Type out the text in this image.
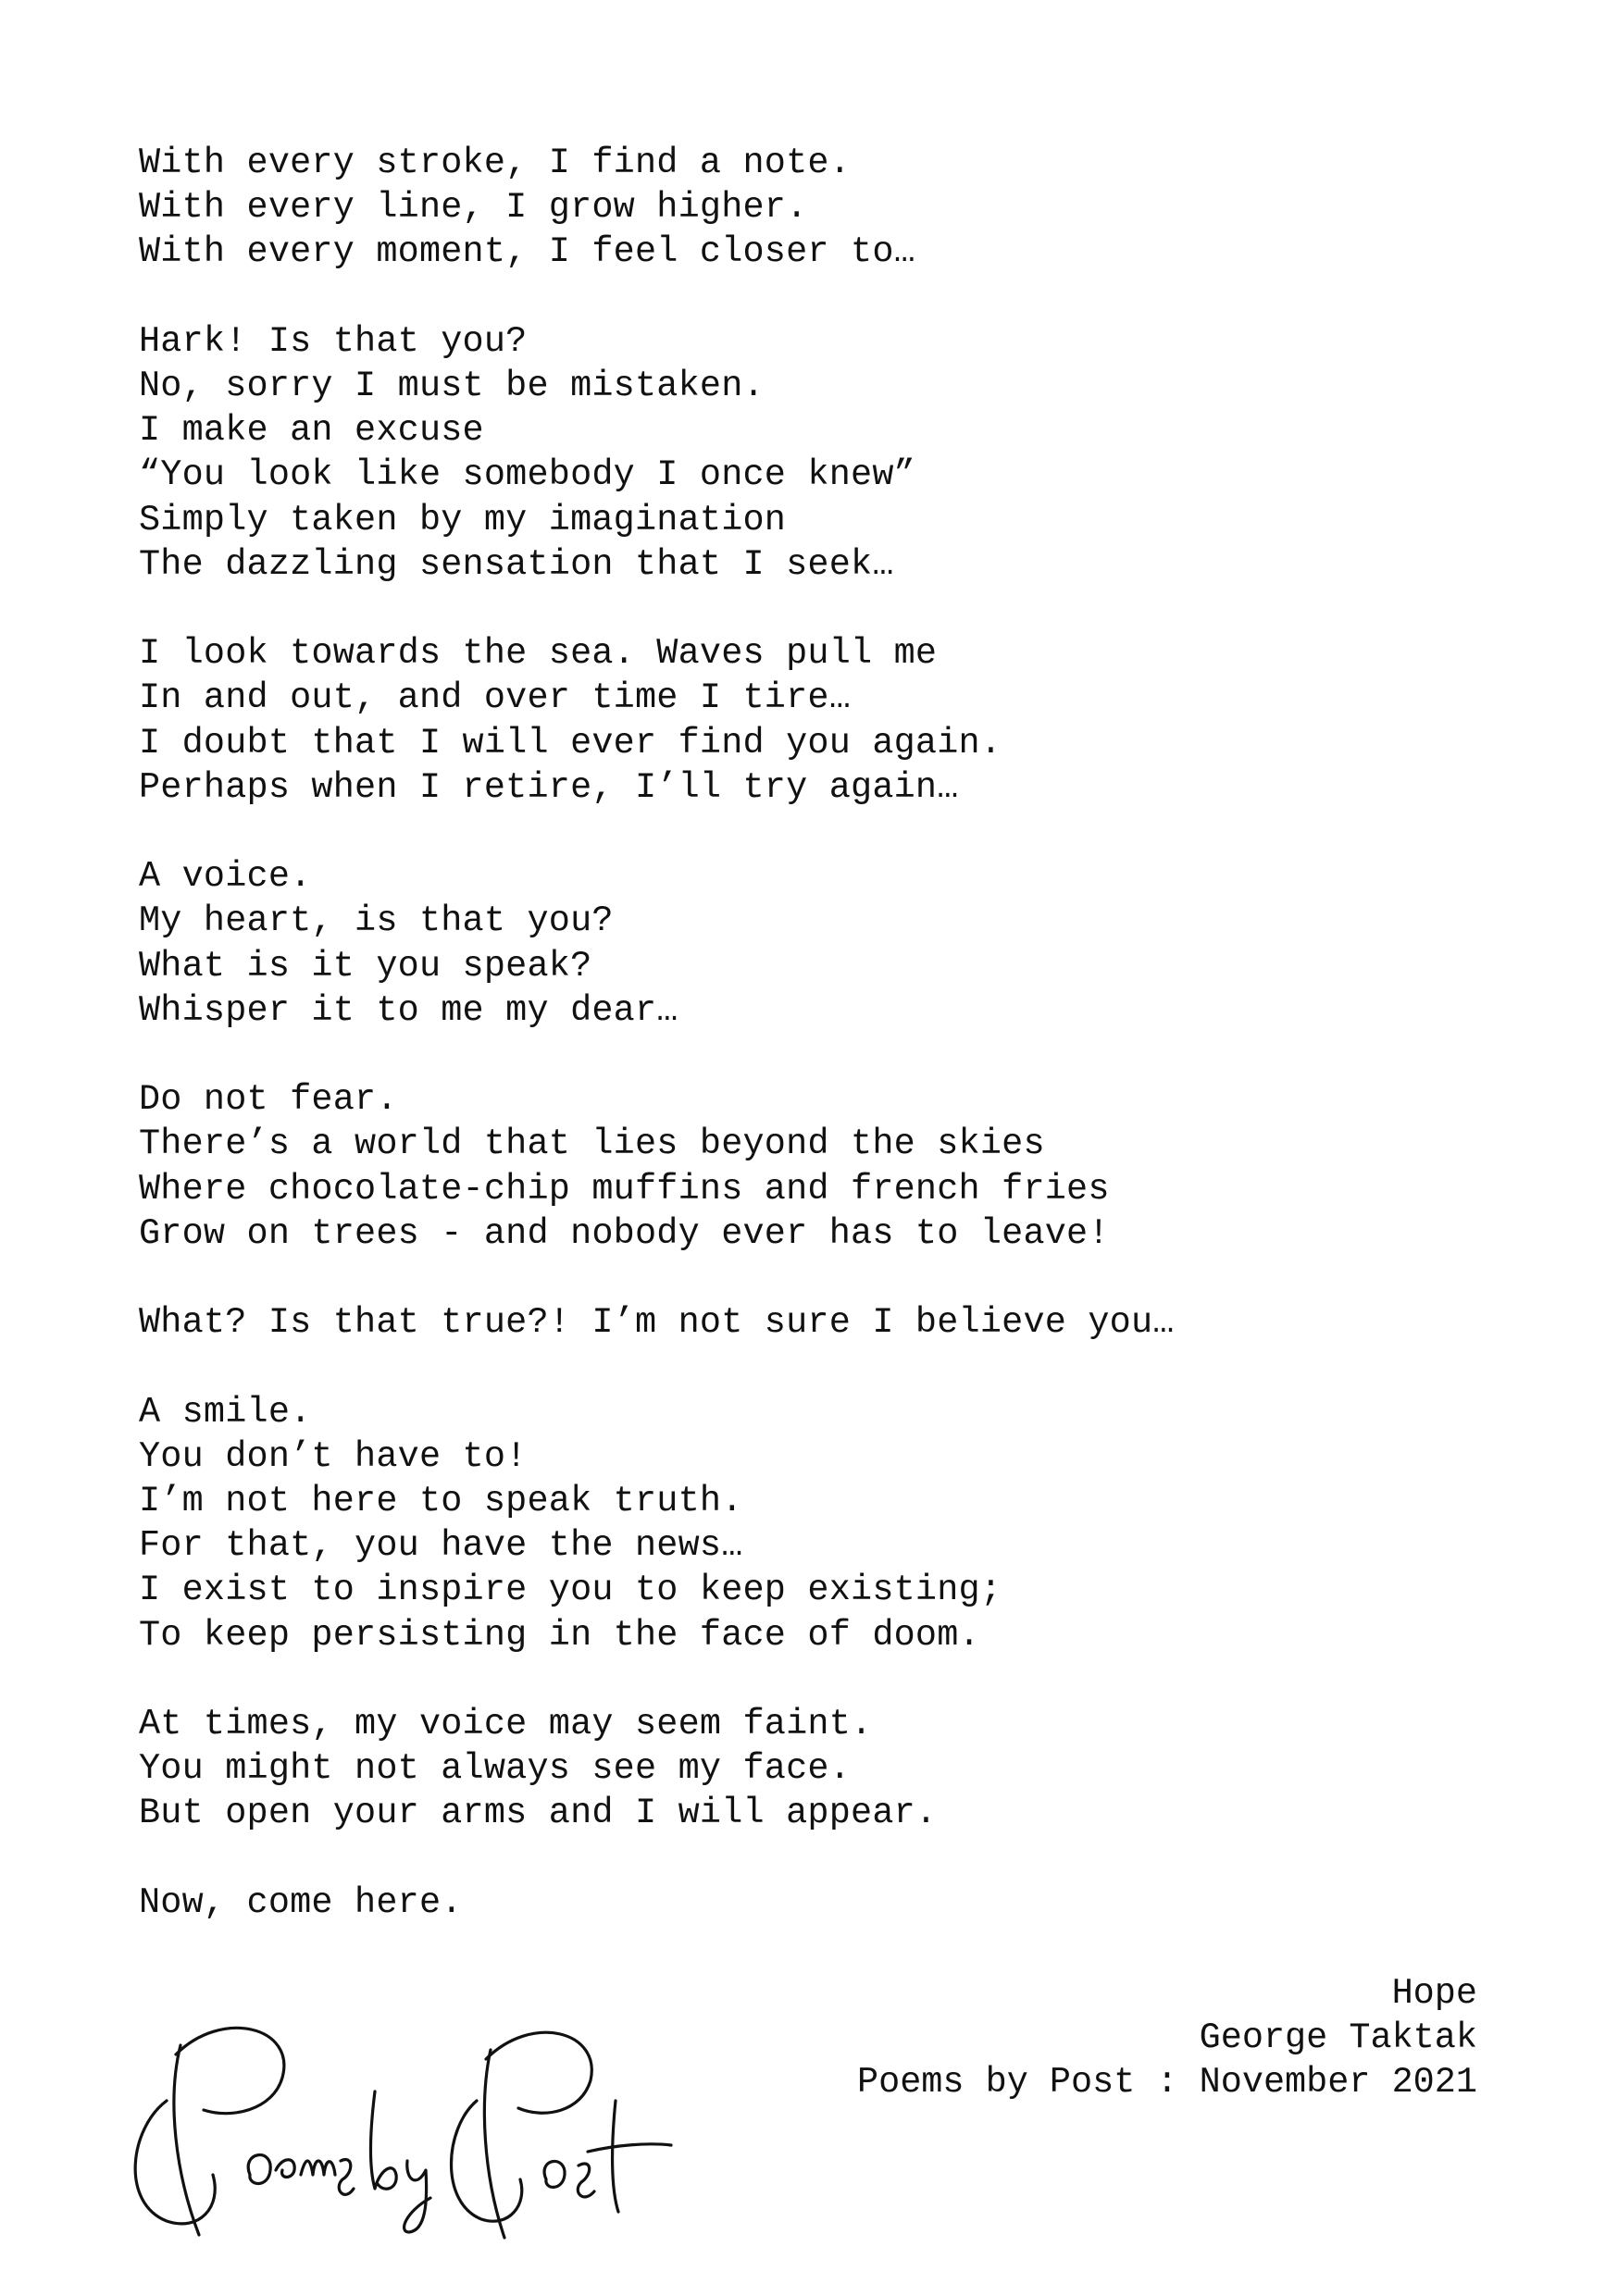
With every stroke, I find a note.
With every line, I grow higher.
With every moment, I feel closer to…
Hark! Is that you?
No, sorry I must be mistaken.
I make an excuse
“You look like somebody I once knew”
Simply taken by my imagination
The dazzling sensation that I seek…
I look towards the sea. Waves pull me
In and out, and over time I tire…
I doubt that I will ever find you again.
Perhaps when I retire, I’ll try again…
A voice.
My heart, is that you?
What is it you speak?
Whisper it to me my dear…
Do not fear.
There’s a world that lies beyond the skies
Where chocolate-chip muffins and french fries
Grow on trees - and nobody ever has to leave!
What? Is that true?! I’m not sure I believe you…
A smile.
You don’t have to!
I’m not here to speak truth.
For that, you have the news…
I exist to inspire you to keep existing;
To keep persisting in the face of doom.
At times, my voice may seem faint.
You might not always see my face.
But open your arms and I will appear.
Now, come here.
Hope
George Taktak
Poems by Post : November 2021
